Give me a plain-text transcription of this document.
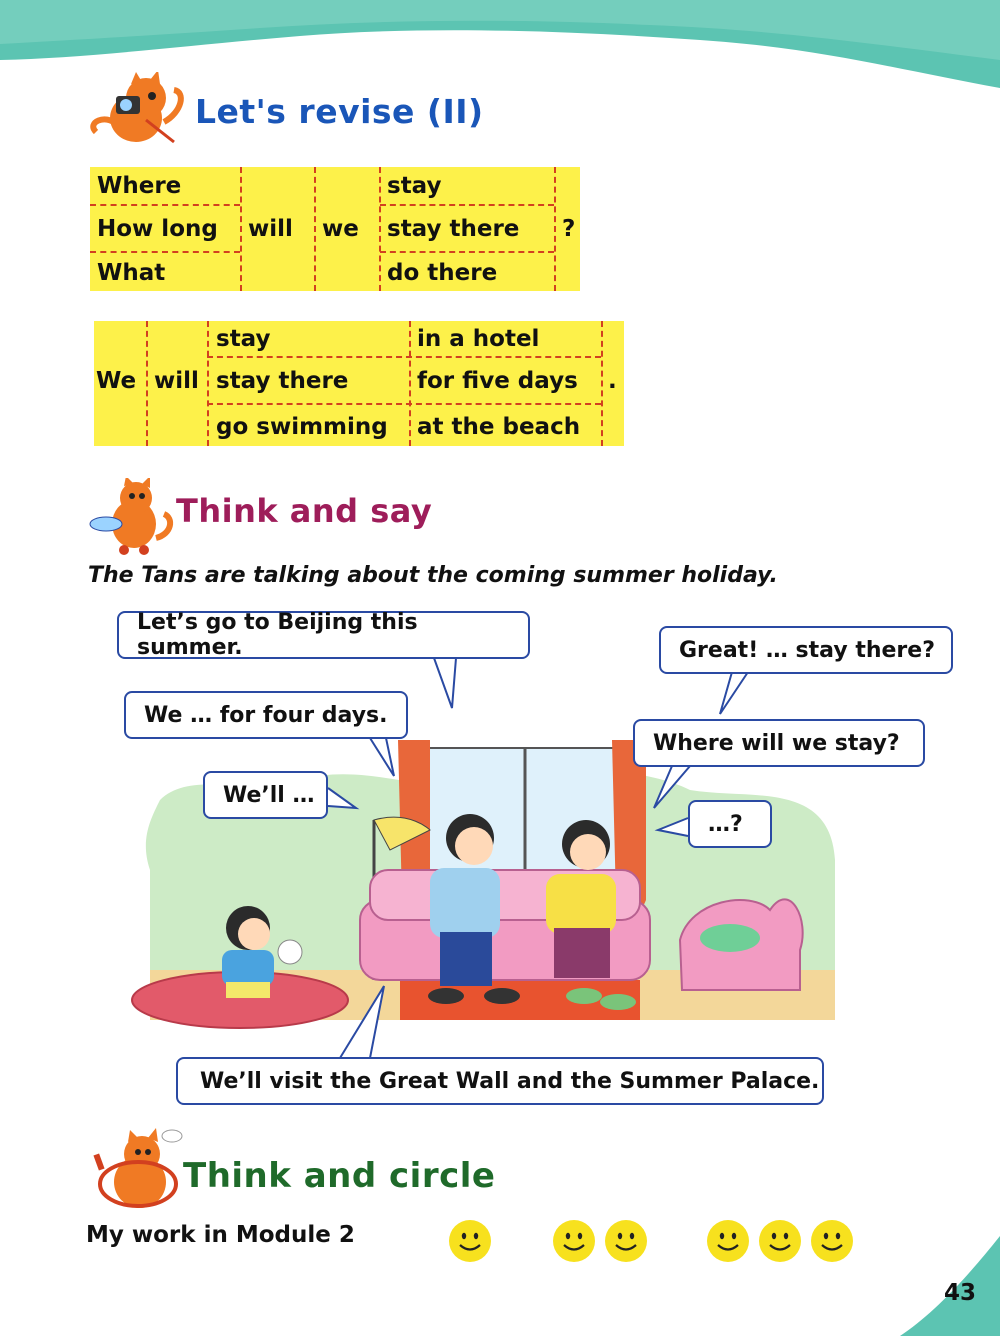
Let's revise (II)
Where
How long
What
will we
stay
stay there
do there
?
We will
stay
stay there
go swimming
in a hotel
for five days
at the beach
.
Think and say
The Tans are talking about the coming summer holiday.
Let’s go to Beijing this summer.	Great! … stay there?
We … for four days.
Where will we stay?
We’ll …
…?
We’ll visit the Great Wall and the Summer Palace.
Think and circle
My work in Module 2
43
